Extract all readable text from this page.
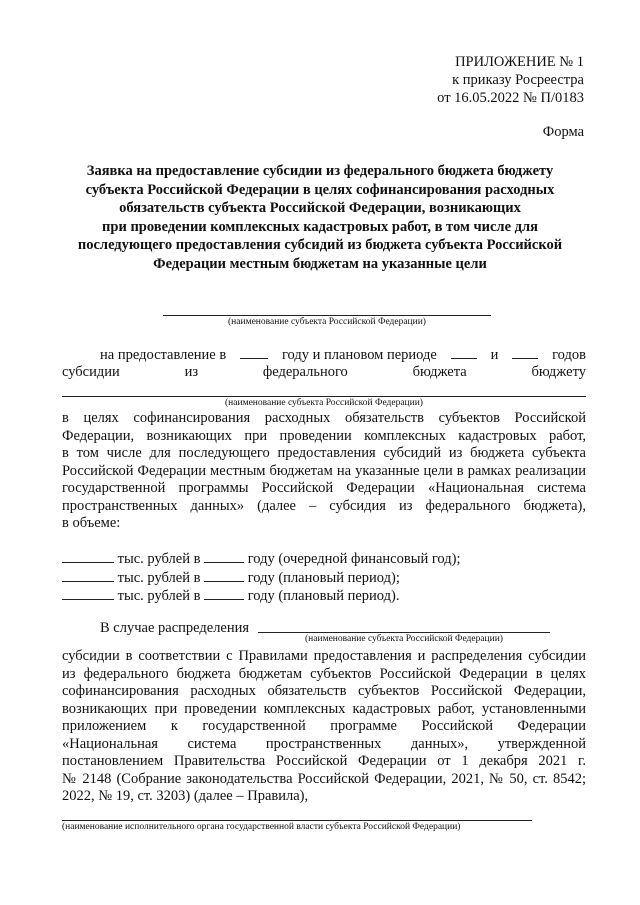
ПРИЛОЖЕНИЕ № 1
к приказу Росреестра
от 16.05.2022 № П/0183
Форма
Заявка на предоставление субсидии из федерального бюджета бюджету
субъекта Российской Федерации в целях софинансирования расходных
обязательств субъекта Российской Федерации, возникающих
при проведении комплексных кадастровых работ, в том числе для
последующего предоставления субсидий из бюджета субъекта Российской
Федерации местным бюджетам на указанные цели
(наименование субъекта Российской Федерации)
на предоставление в	году и плановом периоде	и	годов
субсидии	из	федерального	бюджета	бюджету
(наименование субъекта Российской Федерации)
в целях софинансирования расходных обязательств субъектов Российской
Федерации, возникающих при проведении комплексных кадастровых работ,
в том числе для последующего предоставления субсидий из бюджета субъекта
Российской Федерации местным бюджетам на указанные цели в рамках реализации
государственной программы Российской Федерации «Национальная система
пространственных данных» (далее – субсидия из федерального бюджета),
в объеме:
тыс. рублей в	году (очередной финансовый год);
тыс. рублей в	году (плановый период);
тыс. рублей в	году (плановый период).
В случае распределения
(наименование субъекта Российской Федерации)
субсидии в соответствии с Правилами предоставления и распределения субсидии
из федерального бюджета бюджетам субъектов Российской Федерации в целях
софинансирования расходных обязательств субъектов Российской Федерации,
возникающих при проведении комплексных кадастровых работ, установленными
приложением к государственной программе Российской Федерации
«Национальная система пространственных данных», утвержденной
постановлением Правительства Российской Федерации от 1 декабря 2021 г.
№ 2148 (Собрание законодательства Российской Федерации, 2021, № 50, ст. 8542;
2022, № 19, ст. 3203) (далее – Правила),
(наименование исполнительного органа государственной власти субъекта Российской Федерации)
